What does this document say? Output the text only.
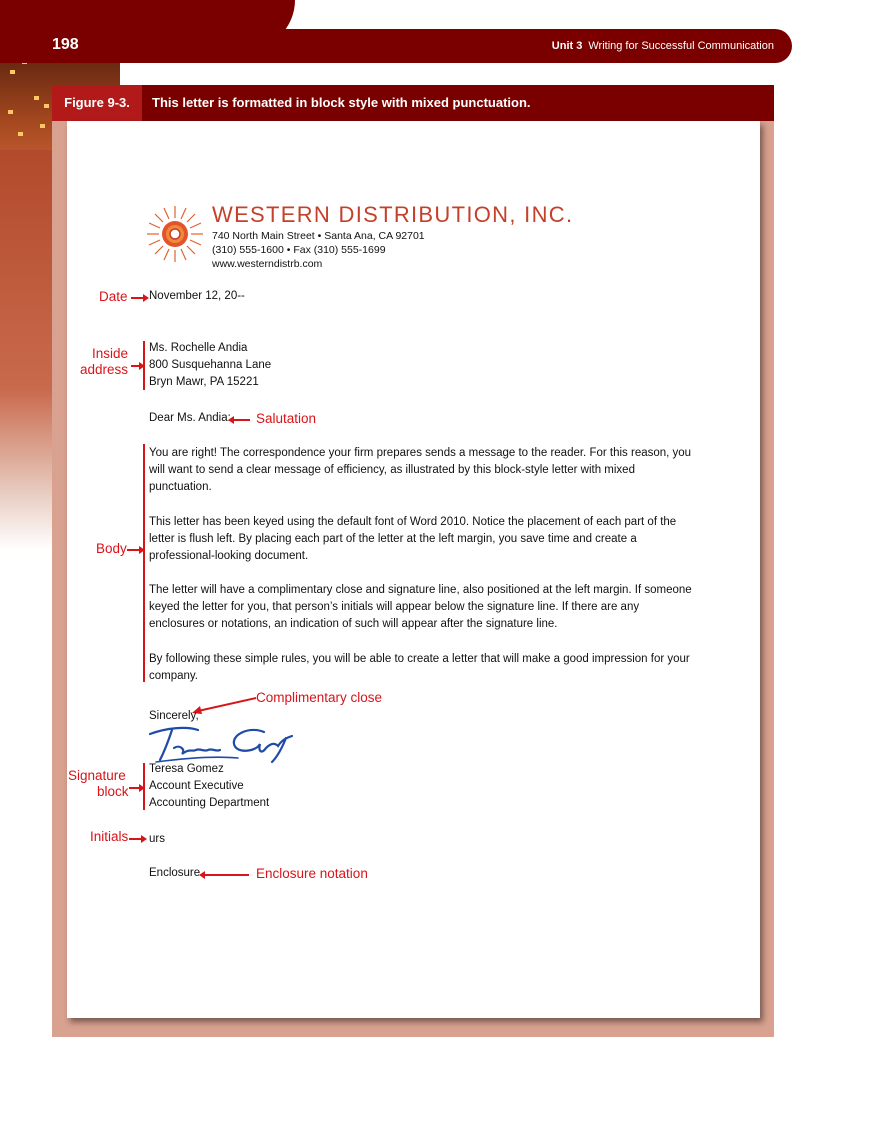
198	Unit 3 Writing for Successful Communication
Figure 9-3.	This letter is formatted in block style with mixed punctuation.
WESTERN DISTRIBUTION, INC.
740 North Main Street • Santa Ana, CA 92701
(310) 555-1600 • Fax (310) 555-1699
www.westerndistrb.com
Date November 12, 20--
Inside
address
Ms. Rochelle Andia
800 Susquehanna Lane
Bryn Mawr, PA 15221
Dear Ms. Andia: Salutation
Body
You are right! The correspondence your firm prepares sends a message to the reader. For this reason, you will want to send a clear message of efficiency, as illustrated by this block-style letter with mixed punctuation.
This letter has been keyed using the default font of Word 2010. Notice the placement of each part of the letter is flush left. By placing each part of the letter at the left margin, you save time and create a professional-looking document.
The letter will have a complimentary close and signature line, also positioned at the left margin. If someone keyed the letter for you, that person’s initials will appear below the signature line. If there are any enclosures or notations, an indication of such will appear after the signature line.
By following these simple rules, you will be able to create a letter that will make a good impression for your company.
Complimentary close
Sincerely,
Signature
block
Teresa Gomez
Account Executive
Accounting Department
Initials urs
Enclosure	Enclosure notation
